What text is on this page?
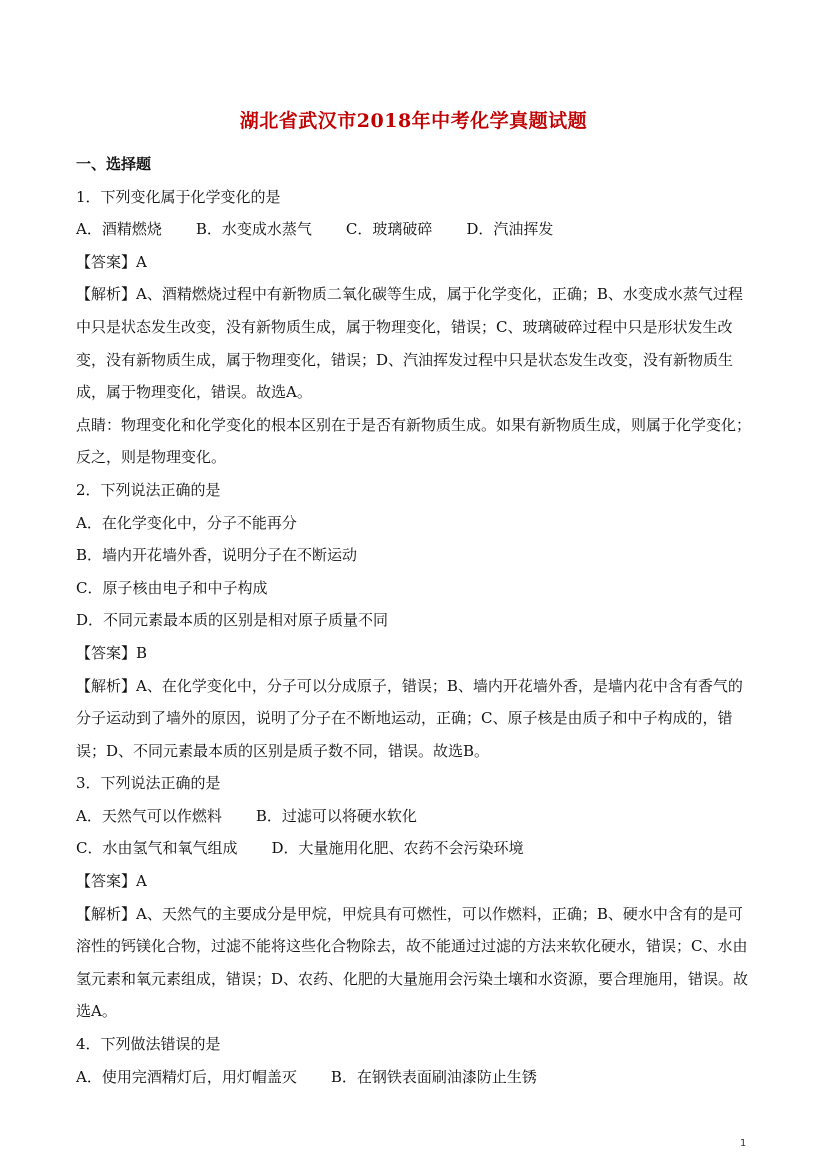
湖北省武汉市2018年中考化学真题试题

一、选择题

1．下列变化属于化学变化的是

A．酒精燃烧 B．水变成水蒸气 C．玻璃破碎 D．汽油挥发

【答案】A

【解析】A、酒精燃烧过程中有新物质二氧化碳等生成，属于化学变化，正确；B、水变成水蒸气过程中只是状态发生改变，没有新物质生成，属于物理变化，错误；C、玻璃破碎过程中只是形状发生改变，没有新物质生成，属于物理变化，错误；D、汽油挥发过程中只是状态发生改变，没有新物质生成，属于物理变化，错误。故选A。

点睛：物理变化和化学变化的根本区别在于是否有新物质生成。如果有新物质生成，则属于化学变化；反之，则是物理变化。

2．下列说法正确的是

A．在化学变化中，分子不能再分

B．墙内开花墙外香，说明分子在不断运动

C．原子核由电子和中子构成

D．不同元素最本质的区别是相对原子质量不同

【答案】B

【解析】A、在化学变化中，分子可以分成原子，错误；B、墙内开花墙外香，是墙内花中含有香气的分子运动到了墙外的原因，说明了分子在不断地运动，正确；C、原子核是由质子和中子构成的，错误；D、不同元素最本质的区别是质子数不同，错误。故选B。

3．下列说法正确的是

A．天然气可以作燃料 B．过滤可以将硬水软化

C．水由氢气和氧气组成 D．大量施用化肥、农药不会污染环境

【答案】A

【解析】A、天然气的主要成分是甲烷，甲烷具有可燃性，可以作燃料，正确；B、硬水中含有的是可溶性的钙镁化合物，过滤不能将这些化合物除去，故不能通过过滤的方法来软化硬水，错误；C、水由氢元素和氧元素组成，错误；D、农药、化肥的大量施用会污染土壤和水资源，要合理施用，错误。故选A。

4．下列做法错误的是

A．使用完酒精灯后，用灯帽盖灭 B．在钢铁表面刷油漆防止生锈

1
